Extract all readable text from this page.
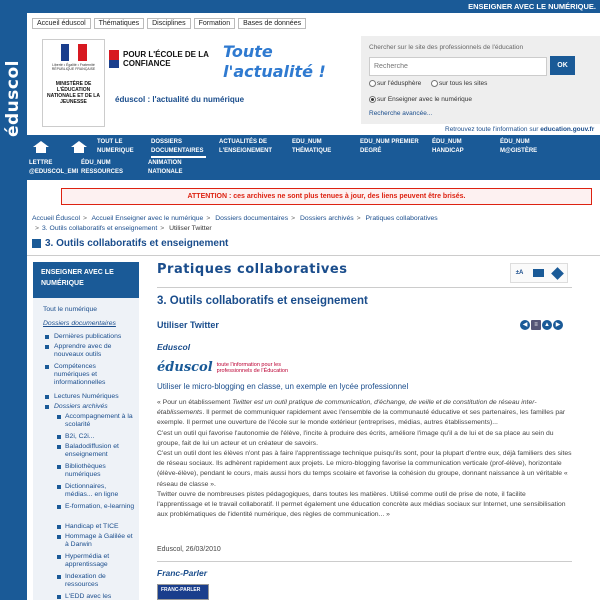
éduscol
ENSEIGNER AVEC LE NUMÉRIQUE.
Accueil éduscol	Thématiques	Disciplines	Formation	Bases de données
Liberté • Égalité • Fraternité RÉPUBLIQUE FRANÇAISE
MINISTÈRE DE L'ÉDUCATION NATIONALE ET DE LA JEUNESSE
POUR L'ÉCOLE DE LA CONFIANCE
Toute l'actualité !
éduscol : l'actualité du numérique
Chercher sur le site des professionnels de l'éducation
Recherche
OK
sur l'édusphère	sur tous les sites
sur Enseigner avec le numérique
Recherche avancée...
Retrouvez toute l'information sur education.gouv.fr
TOUT LE NUMERIQUE
DOSSIERS DOCUMENTAIRES
ACTUALITÉS DE L'ENSEIGNEMENT
EDU_NUM THÉMATIQUE
EDU_NUM PREMIER DEGRÉ
ÉDU_NUM HANDICAP
ÉDU_NUM M@GISTÈRE
LETTRE @EDUSCOL_EMI
ÉDU_NUM RESSOURCES
ANIMATION NATIONALE
ATTENTION : ces archives ne sont plus tenues à jour, des liens peuvent être brisés.
Accueil Éduscol > Accueil Enseigner avec le numérique > Dossiers documentaires > Dossiers archivés > Pratiques collaboratives
> 3. Outils collaboratifs et enseignement > Utiliser Twitter
3. Outils collaboratifs et enseignement
ENSEIGNER AVEC LE NUMÉRIQUE
Tout le numérique
Dossiers documentaires
Dernières publications
Apprendre avec de nouveaux outils
Compétences numériques et informationnelles
Lectures Numériques
Dossiers archivés
Accompagnement à la scolarité
B2i, C2i...
Baladodiffusion et enseignement
Bibliothèques numériques
Dictionnaires, médias... en ligne
E-formation, e-learning
Handicap et TICE
Hommage à Galilée et à Darwin
Hypermédia et apprentissage
Indexation de ressources
L'EDD avec les
Pratiques collaboratives	±A
3. Outils collaboratifs et enseignement
Utiliser Twitter	◀	≡	▲ ▶
Eduscol
éduscol toute l'information pour les professionnels de l'Éducation
Utiliser le micro-blogging en classe, un exemple en lycée professionnel
« Pour un établissement Twitter est un outil pratique de communication, d'échange, de veille et de constitution de réseau inter-établissements. Il permet de communiquer rapidement avec l'ensemble de la communauté éducative et ses partenaires, les familles par exemple. Il permet une ouverture de l'école sur le monde extérieur (entreprises, médias, autres établissements)...
C'est un outil qui favorise l'autonomie de l'élève, l'incite à produire des écrits, améliore l'image qu'il a de lui et de sa place au sein du groupe, fait de lui un acteur et un créateur de savoirs.
C'est un outil dont les élèves n'ont pas à faire l'apprentissage technique puisqu'ils sont, pour la plupart d'entre eux, déjà familiers des sites de réseau sociaux. Ils adhèrent rapidement aux projets. Le micro-blogging favorise la communication verticale (prof-élève), horizontale (élève-élève), pendant le cours, mais aussi hors du temps scolaire et favorise la cohésion du groupe, donnant naissance à un véritable « réseau de classe ».
Twitter ouvre de nombreuses pistes pédagogiques, dans toutes les matières. Utilisé comme outil de prise de note, il facilite l'apprentissage et le travail collaboratif. Il permet également une éducation concrète aux médias sociaux sur Internet, une sensibilisation aux problématiques de l'identité numérique, des règles de communication... »
Eduscol, 26/03/2010
Franc-Parler
FRANC-PARLER
